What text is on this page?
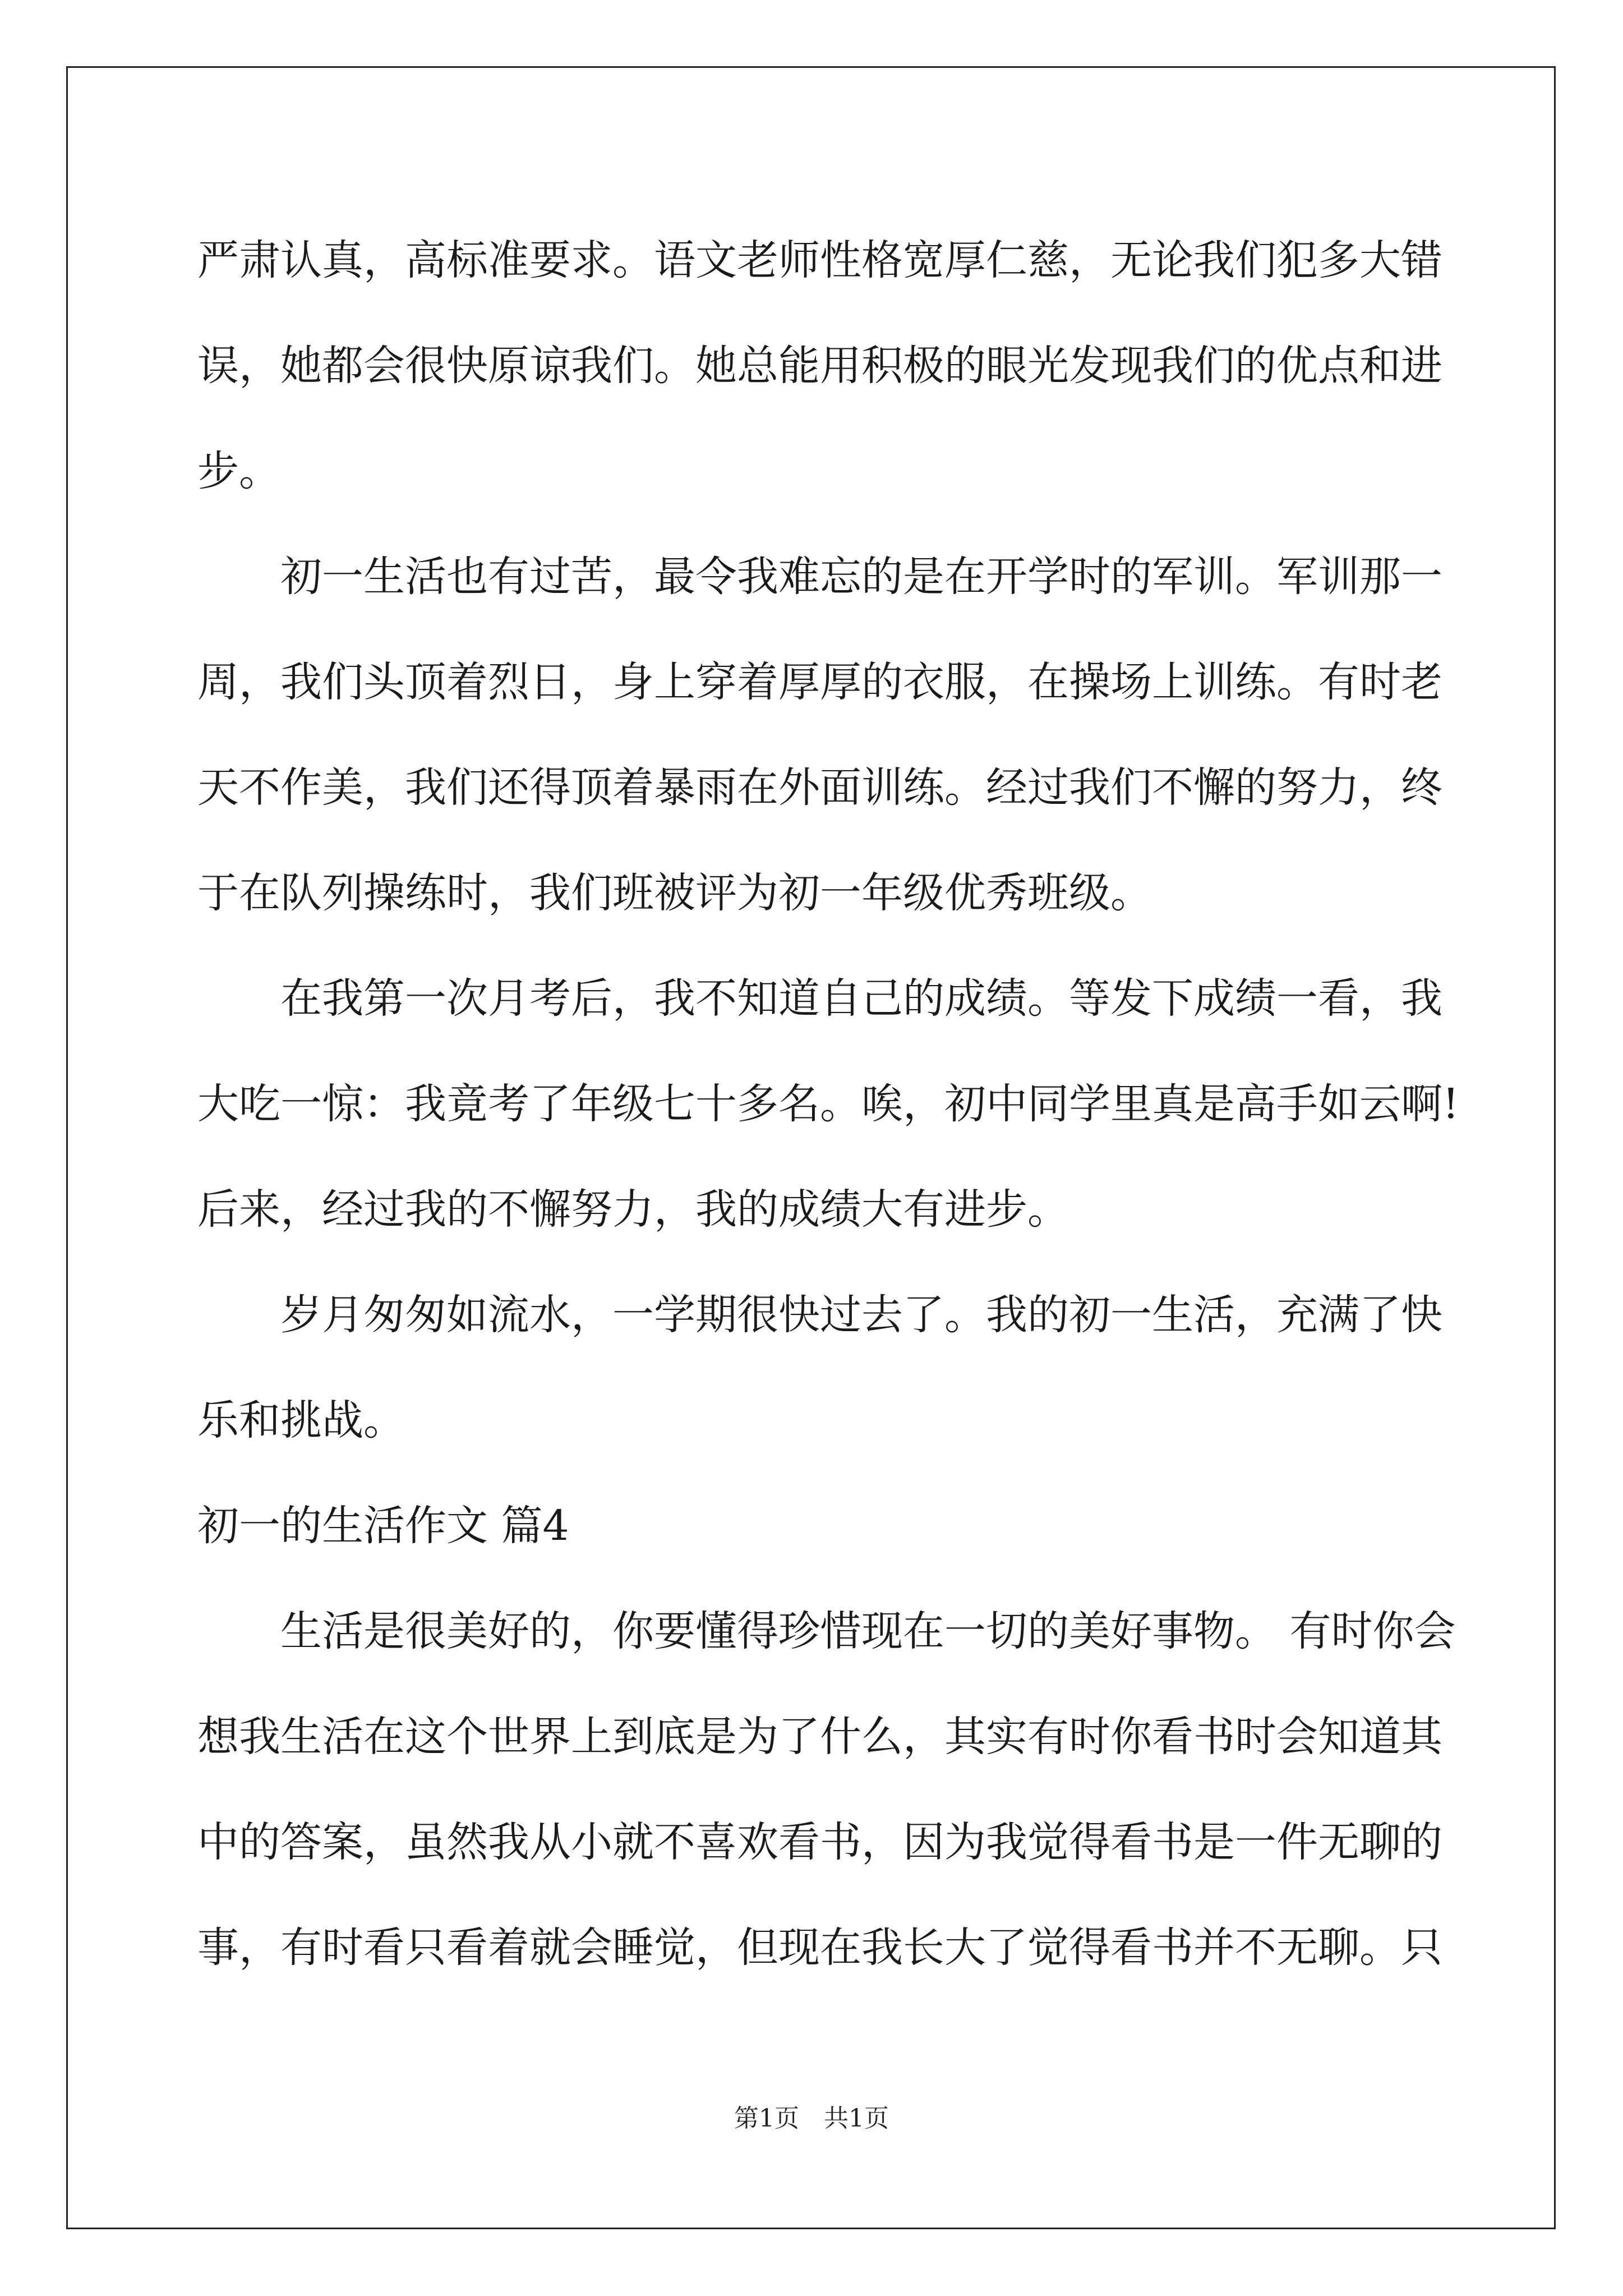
严肃认真，高标准要求。语文老师性格宽厚仁慈，无论我们犯多大错
误，她都会很快原谅我们。她总能用积极的眼光发现我们的优点和进
步。
初一生活也有过苦，最令我难忘的是在开学时的军训。军训那一
周，我们头顶着烈日，身上穿着厚厚的衣服，在操场上训练。有时老
天不作美，我们还得顶着暴雨在外面训练。经过我们不懈的努力，终
于在队列操练时，我们班被评为初一年级优秀班级。
在我第一次月考后，我不知道自己的成绩。等发下成绩一看，我
大吃一惊：我竟考了年级七十多名。唉，初中同学里真是高手如云啊!
后来，经过我的不懈努力，我的成绩大有进步。
岁月匆匆如流水，一学期很快过去了。我的初一生活，充满了快
乐和挑战。
初一的生活作文 篇4
生活是很美好的，你要懂得珍惜现在一切的美好事物。 有时你会
想我生活在这个世界上到底是为了什么，其实有时你看书时会知道其
中的答案，虽然我从小就不喜欢看书，因为我觉得看书是一件无聊的
事，有时看只看着就会睡觉，但现在我长大了觉得看书并不无聊。只
第1页　共1页
